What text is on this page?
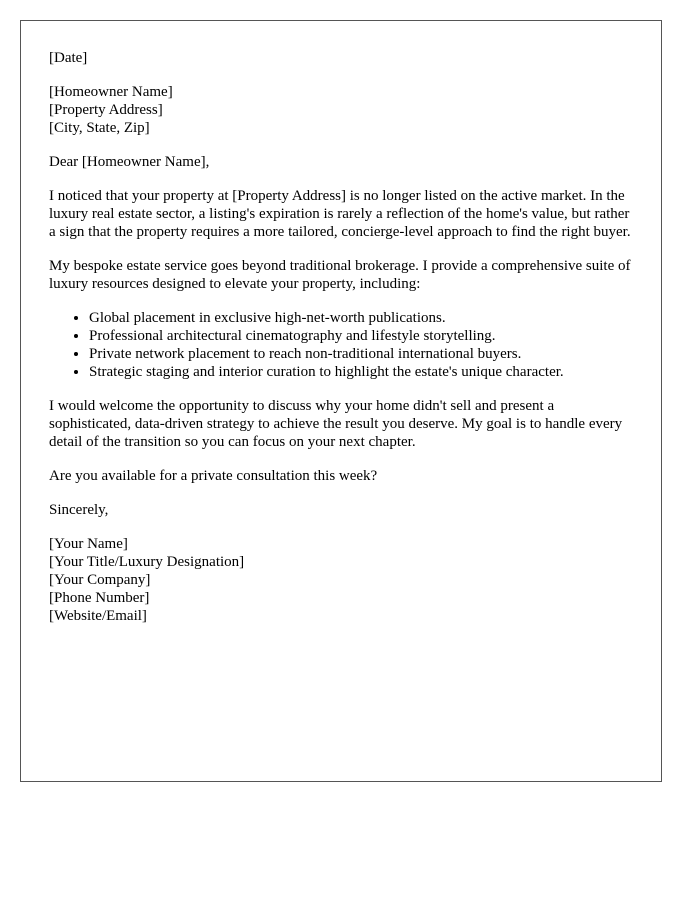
[Date]

[Homeowner Name]
[Property Address]
[City, State, Zip]

Dear [Homeowner Name],

I noticed that your property at [Property Address] is no longer listed on the active market. In the luxury real estate sector, a listing's expiration is rarely a reflection of the home's value, but rather a sign that the property requires a more tailored, concierge-level approach to find the right buyer.

My bespoke estate service goes beyond traditional brokerage. I provide a comprehensive suite of luxury resources designed to elevate your property, including:

• Global placement in exclusive high-net-worth publications.
• Professional architectural cinematography and lifestyle storytelling.
• Private network placement to reach non-traditional international buyers.
• Strategic staging and interior curation to highlight the estate's unique character.

I would welcome the opportunity to discuss why your home didn't sell and present a sophisticated, data-driven strategy to achieve the result you deserve. My goal is to handle every detail of the transition so you can focus on your next chapter.

Are you available for a private consultation this week?

Sincerely,

[Your Name]
[Your Title/Luxury Designation]
[Your Company]
[Phone Number]
[Website/Email]
